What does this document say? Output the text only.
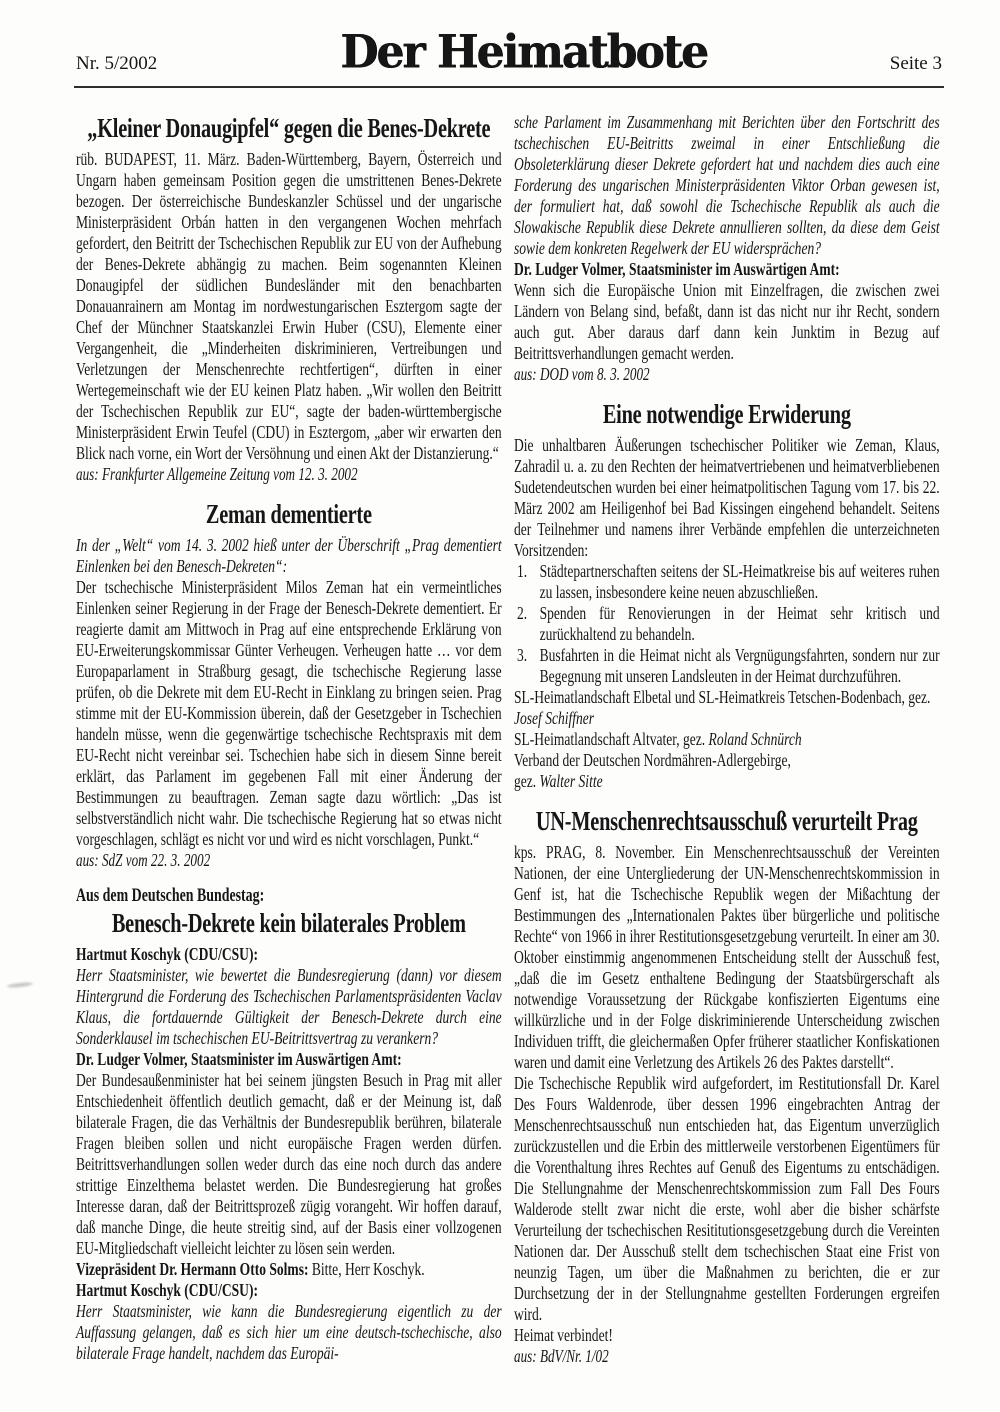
Nr. 5/2002	Der Heimatbote	Seite 3
„Kleiner Donaugipfel“ gegen die Benes-Dekrete

rüb. BUDAPEST, 11. März. Baden-Württemberg, Bayern, Österreich und Ungarn haben gemeinsam Position gegen die umstrittenen Benes-Dekrete bezogen. Der österreichische Bundeskanzler Schüssel und der ungarische Ministerpräsident Orbán hatten in den vergangenen Wochen mehrfach gefordert, den Beitritt der Tschechischen Republik zur EU von der Aufhebung der Benes-Dekrete abhängig zu machen. Beim sogenannten Kleinen Donaugipfel der südlichen Bundesländer mit den benachbarten Donauanrainern am Montag im nordwestungarischen Esztergom sagte der Chef der Münchner Staatskanzlei Erwin Huber (CSU), Elemente einer Vergangenheit, die „Minderheiten diskriminieren, Vertreibungen und Verletzungen der Menschenrechte rechtfertigen“, dürften in einer Wertegemeinschaft wie der EU keinen Platz haben. „Wir wollen den Beitritt der Tschechischen Republik zur EU“, sagte der baden-württembergische Ministerpräsident Erwin Teufel (CDU) in Esztergom, „aber wir erwarten den Blick nach vorne, ein Wort der Versöhnung und einen Akt der Distanzierung.“

aus: Frankfurter Allgemeine Zeitung vom 12. 3. 2002

Zeman dementierte

In der „Welt“ vom 14. 3. 2002 hieß unter der Überschrift „Prag dementiert Einlenken bei den Benesch-Dekreten“:

Der tschechische Ministerpräsident Milos Zeman hat ein vermeintliches Einlenken seiner Regierung in der Frage der Benesch-Dekrete dementiert. Er reagierte damit am Mittwoch in Prag auf eine entsprechende Erklärung von EU-Erweiterungskommissar Günter Verheugen. Verheugen hatte … vor dem Europaparlament in Straßburg gesagt, die tschechische Regierung lasse prüfen, ob die Dekrete mit dem EU-Recht in Einklang zu bringen seien. Prag stimme mit der EU-Kommission überein, daß der Gesetzgeber in Tschechien handeln müsse, wenn die gegenwärtige tschechische Rechtspraxis mit dem EU-Recht nicht vereinbar sei. Tschechien habe sich in diesem Sinne bereit erklärt, das Parlament im gegebenen Fall mit einer Änderung der Bestimmungen zu beauftragen. Zeman sagte dazu wörtlich: „Das ist selbstverständlich nicht wahr. Die tschechische Regierung hat so etwas nicht vorgeschlagen, schlägt es nicht vor und wird es nicht vorschlagen, Punkt.“

aus: SdZ vom 22. 3. 2002

Aus dem Deutschen Bundestag:

Benesch-Dekrete kein bilaterales Problem

Hartmut Koschyk (CDU/CSU):

Herr Staatsminister, wie bewertet die Bundesregierung (dann) vor diesem Hintergrund die Forderung des Tschechischen Parlamentspräsidenten Vaclav Klaus, die fortdauernde Gültigkeit der Benesch-Dekrete durch eine Sonderklausel im tschechischen EU-Beitrittsvertrag zu verankern?

Dr. Ludger Volmer, Staatsminister im Auswärtigen Amt:

Der Bundesaußenminister hat bei seinem jüngsten Besuch in Prag mit aller Entschiedenheit öffentlich deutlich gemacht, daß er der Meinung ist, daß bilaterale Fragen, die das Verhältnis der Bundesrepublik berühren, bilaterale Fragen bleiben sollen und nicht europäische Fragen werden dürfen. Beitrittsverhandlungen sollen weder durch das eine noch durch das andere strittige Einzelthema belastet werden. Die Bundesregierung hat großes Interesse daran, daß der Beitrittsprozeß zügig vorangeht. Wir hoffen darauf, daß manche Dinge, die heute streitig sind, auf der Basis einer vollzogenen EU-Mitgliedschaft vielleicht leichter zu lösen sein werden.

Vizepräsident Dr. Hermann Otto Solms: Bitte, Herr Koschyk.

Hartmut Koschyk (CDU/CSU):

Herr Staatsminister, wie kann die Bundesregierung eigentlich zu der Auffassung gelangen, daß es sich hier um eine deutsch-tschechische, also bilaterale Frage handelt, nachdem das Europäi-

sche Parlament im Zusammenhang mit Berichten über den Fortschritt des tschechischen EU-Beitritts zweimal in einer Entschließung die Obsoleterklärung dieser Dekrete gefordert hat und nachdem dies auch eine Forderung des ungarischen Ministerpräsidenten Viktor Orban gewesen ist, der formuliert hat, daß sowohl die Tschechische Republik als auch die Slowakische Republik diese Dekrete annullieren sollten, da diese dem Geist sowie dem konkreten Regelwerk der EU widersprächen?

Dr. Ludger Volmer, Staatsminister im Auswärtigen Amt:

Wenn sich die Europäische Union mit Einzelfragen, die zwischen zwei Ländern von Belang sind, befaßt, dann ist das nicht nur ihr Recht, sondern auch gut. Aber daraus darf dann kein Junktim in Bezug auf Beitrittsverhandlungen gemacht werden.

aus: DOD vom 8. 3. 2002

Eine notwendige Erwiderung

Die unhaltbaren Äußerungen tschechischer Politiker wie Zeman, Klaus, Zahradil u. a. zu den Rechten der heimatvertriebenen und heimatverbliebenen Sudetendeutschen wurden bei einer heimatpolitischen Tagung vom 17. bis 22. März 2002 am Heiligenhof bei Bad Kissingen eingehend behandelt. Seitens der Teilnehmer und namens ihrer Verbände empfehlen die unterzeichneten Vorsitzenden:

1. Städtepartnerschaften seitens der SL-Heimatkreise bis auf weiteres ruhen zu lassen, insbesondere keine neuen abzuschließen.
2. Spenden für Renovierungen in der Heimat sehr kritisch und zurückhaltend zu behandeln.
3. Busfahrten in die Heimat nicht als Vergnügungsfahrten, sondern nur zur Begegnung mit unseren Landsleuten in der Heimat durchzuführen.

SL-Heimatlandschaft Elbetal und SL-Heimatkreis Tetschen-Bodenbach, gez. Josef Schiffner

SL-Heimatlandschaft Altvater, gez. Roland Schnürch

Verband der Deutschen Nordmähren-Adlergebirge,

gez. Walter Sitte

UN-Menschenrechtsausschuß verurteilt Prag

kps. PRAG, 8. November. Ein Menschenrechtsausschuß der Vereinten Nationen, der eine Untergliederung der UN-Menschenrechtskommission in Genf ist, hat die Tschechische Republik wegen der Mißachtung der Bestimmungen des „Internationalen Paktes über bürgerliche und politische Rechte“ von 1966 in ihrer Restitutionsgesetzgebung verurteilt. In einer am 30. Oktober einstimmig angenommenen Entscheidung stellt der Ausschuß fest, „daß die im Gesetz enthaltene Bedingung der Staatsbürgerschaft als notwendige Voraussetzung der Rückgabe konfiszierten Eigentums eine willkürzliche und in der Folge diskriminierende Unterscheidung zwischen Individuen trifft, die gleichermaßen Opfer früherer staatlicher Konfiskationen waren und damit eine Verletzung des Artikels 26 des Paktes darstellt“.

Die Tschechische Republik wird aufgefordert, im Restitutionsfall Dr. Karel Des Fours Waldenrode, über dessen 1996 eingebrachten Antrag der Menschenrechtsausschuß nun entschieden hat, das Eigentum unverzüglich zurückzustellen und die Erbin des mittlerweile verstorbenen Eigentümers für die Vorenthaltung ihres Rechtes auf Genuß des Eigentums zu entschädigen. Die Stellungnahme der Menschenrechtskommission zum Fall Des Fours Walderode stellt zwar nicht die erste, wohl aber die bisher schärfste Verurteilung der tschechischen Resititutionsgesetzgebung durch die Vereinten Nationen dar. Der Ausschuß stellt dem tschechischen Staat eine Frist von neunzig Tagen, um über die Maßnahmen zu berichten, die er zur Durchsetzung der in der Stellungnahme gestellten Forderungen ergreifen wird.

Heimat verbindet!

aus: BdV/Nr. 1/02
